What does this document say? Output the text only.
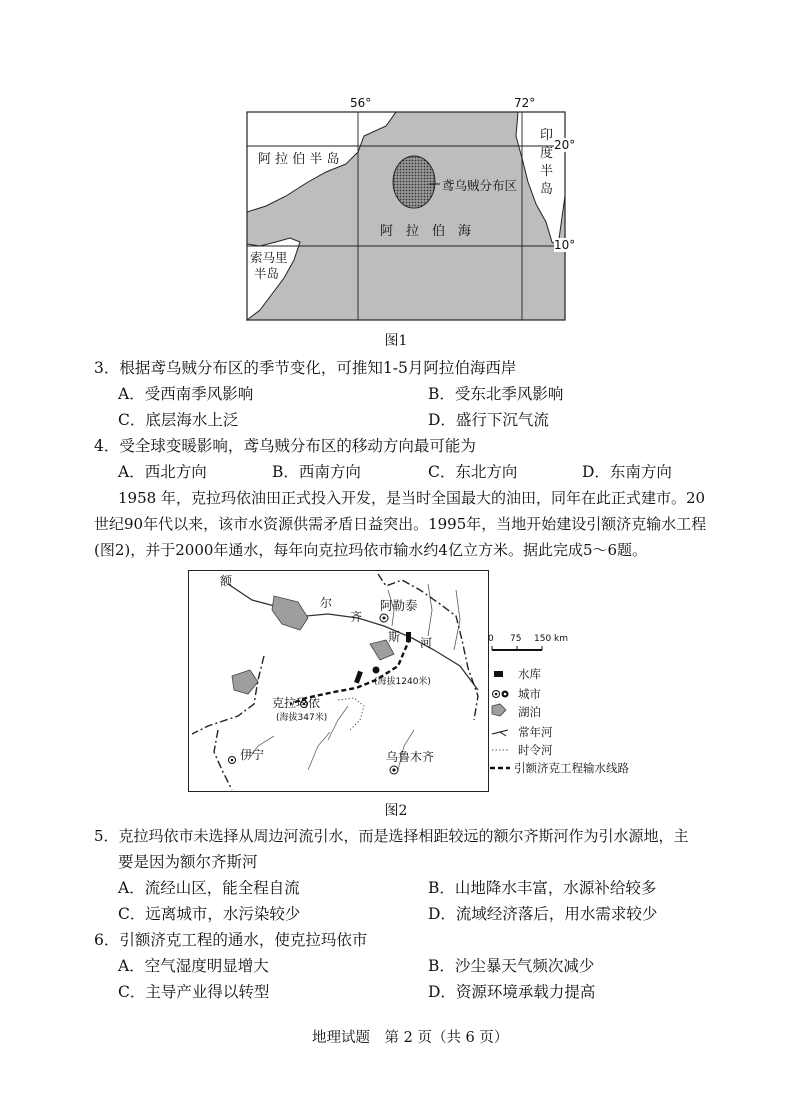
56°	72°
20°
10°
阿 拉 伯 半 岛
印
度
半
岛
鸢乌贼分布区
阿　拉　伯　海
索马里
半岛
图1
3．根据鸢乌贼分布区的季节变化，可推知1-5月阿拉伯海西岸
A．受西南季风影响	B．受东北季风影响
C．底层海水上泛	D．盛行下沉气流
4．受全球变暖影响，鸢乌贼分布区的移动方向最可能为
A．西北方向	B．西南方向	C．东北方向	D．东南方向
1958 年，克拉玛依油田正式投入开发，是当时全国最大的油田，同年在此正式建市。20
世纪90年代以来，该市水资源供需矛盾日益突出。1995年，当地开始建设引额济克输水工程
(图2)，并于2000年通水，每年向克拉玛依市输水约4亿立方米。据此完成5～6题。
额
尔
齐
斯 河
阿勒泰
克拉玛依
(海拔347米)
(海拔1240米)
伊宁	乌鲁木齐
0 75 150 km
水库
城市
湖泊
常年河
时令河
引额济克工程输水线路
图2
5．克拉玛依市未选择从周边河流引水，而是选择相距较远的额尔齐斯河作为引水源地，主
要是因为额尔齐斯河
A．流经山区，能全程自流	B．山地降水丰富，水源补给较多
C．远离城市，水污染较少	D．流域经济落后，用水需求较少
6．引额济克工程的通水，使克拉玛依市
A．空气湿度明显增大	B．沙尘暴天气频次减少
C．主导产业得以转型	D．资源环境承载力提高
地理试题　第 2 页（共 6 页）
